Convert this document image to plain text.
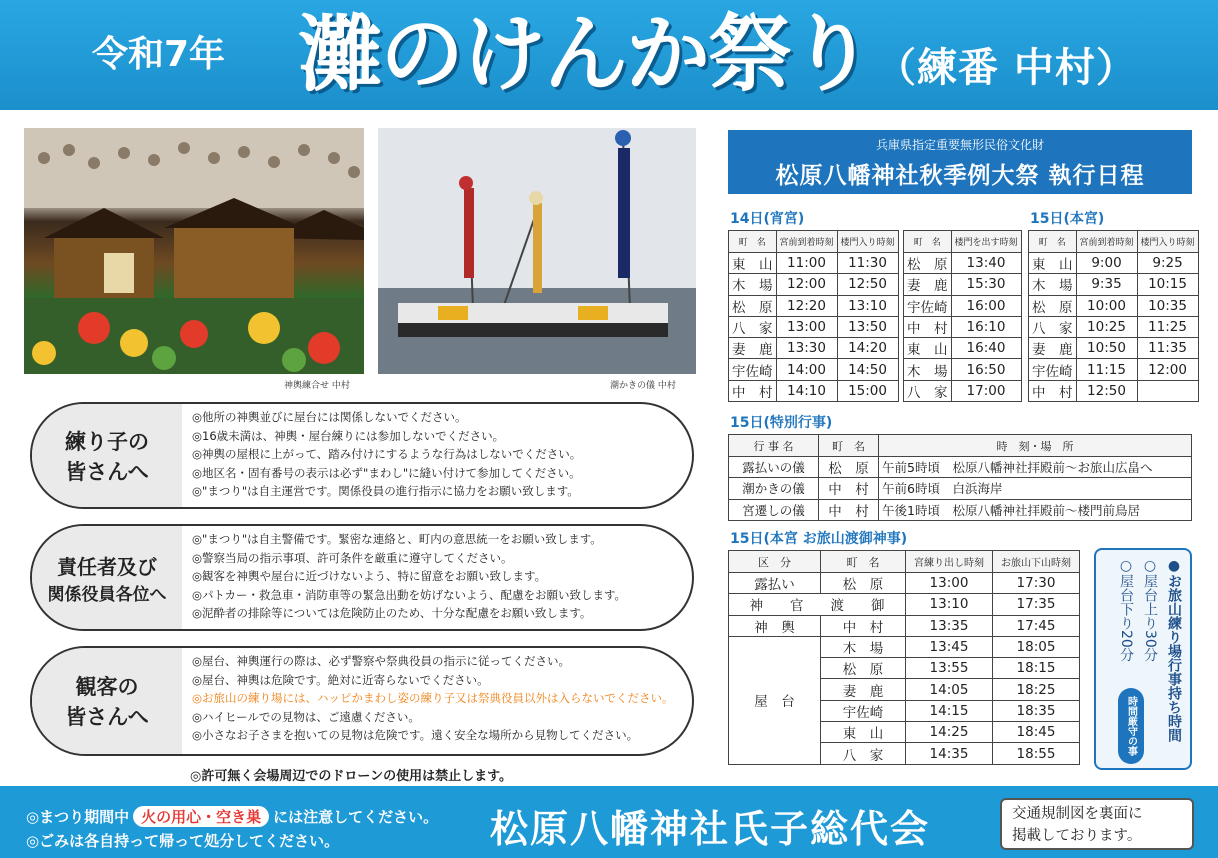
令和7年 灘のけんか祭り （練番 中村）
神輿練合せ 中村	潮かきの儀 中村
練り子の
皆さんへ
◎他所の神輿並びに屋台には関係しないでください。
◎16歳未満は、神輿・屋台練りには参加しないでください。
◎神輿の屋根に上がって、踏み付けにするような行為はしないでください。
◎地区名・固有番号の表示は必ず"まわし"に縫い付けて参加してください。
◎"まつり"は自主運営です。関係役員の進行指示に協力をお願い致します。
責任者及び
関係役員各位へ
◎"まつり"は自主警備です。緊密な連絡と、町内の意思統一をお願い致します。
◎警察当局の指示事項、許可条件を厳重に遵守してください。
◎観客を神輿や屋台に近づけないよう、特に留意をお願い致します。
◎パトカー・救急車・消防車等の緊急出動を妨げないよう、配慮をお願い致します。
◎泥酔者の排除等については危険防止のため、十分な配慮をお願い致します。
観客の
皆さんへ
◎屋台、神輿運行の際は、必ず警察や祭典役員の指示に従ってください。
◎屋台、神輿は危険です。絶対に近寄らないでください。
◎お旅山の練り場には、ハッピかまわし姿の練り子又は祭典役員以外は入らないでください。
◎ハイヒールでの見物は、ご遠慮ください。
◎小さなお子さまを抱いての見物は危険です。遠く安全な場所から見物してください。
◎許可無く会場周辺でのドローンの使用は禁止します。
兵庫県指定重要無形民俗文化財
松原八幡神社秋季例大祭 執行日程
14日(宵宮)
町　名	宮前到着時刻	楼門入り時刻
東　山	11:00	11:30
木　場	12:00	12:50
松　原	12:20	13:10
八　家	13:00	13:50
妻　鹿	13:30	14:20
宇佐崎	14:00	14:50
中　村	14:10	15:00
町　名	楼門を出す時刻
松　原	13:40
妻　鹿	15:30
宇佐崎	16:00
中　村	16:10
東　山	16:40
木　場	16:50
八　家	17:00
15日(本宮)
町　名	宮前到着時刻	楼門入り時刻
東　山	9:00	9:25
木　場	9:35	10:15
松　原	10:00	10:35
八　家	10:25	11:25
妻　鹿	10:50	11:35
宇佐崎	11:15	12:00
中　村	12:50	
15日(特別行事)
行 事 名	町　名	時　刻・場　所
露払いの儀	松　原	午前5時頃　松原八幡神社拝殿前～お旅山広畠へ
潮かきの儀	中　村	午前6時頃　白浜海岸
宮遷しの儀	中　村	午後1時頃　松原八幡神社拝殿前～楼門前鳥居
15日(本宮 お旅山渡御神事)
区　分	町　名	宮練り出し時刻	お旅山下山時刻
露払い	松　原	13:00	17:30
神　　官　　渡　　御		13:10	17:35
神　輿	中　村	13:35	17:45
屋　台	木　場	13:45	18:05
	松　原	13:55	18:15
	妻　鹿	14:05	18:25
	宇佐崎	14:15	18:35
	東　山	14:25	18:45
	八　家	14:35	18:55
●お旅山練り場行事持ち時間
○屋台上り30分
○屋台下り20分
時間厳守の事
◎まつり期間中 火の用心・空き巣 には注意してください。
◎ごみは各自持って帰って処分してください。	松原八幡神社氏子総代会	交通規制図を裏面に
掲載しております。
